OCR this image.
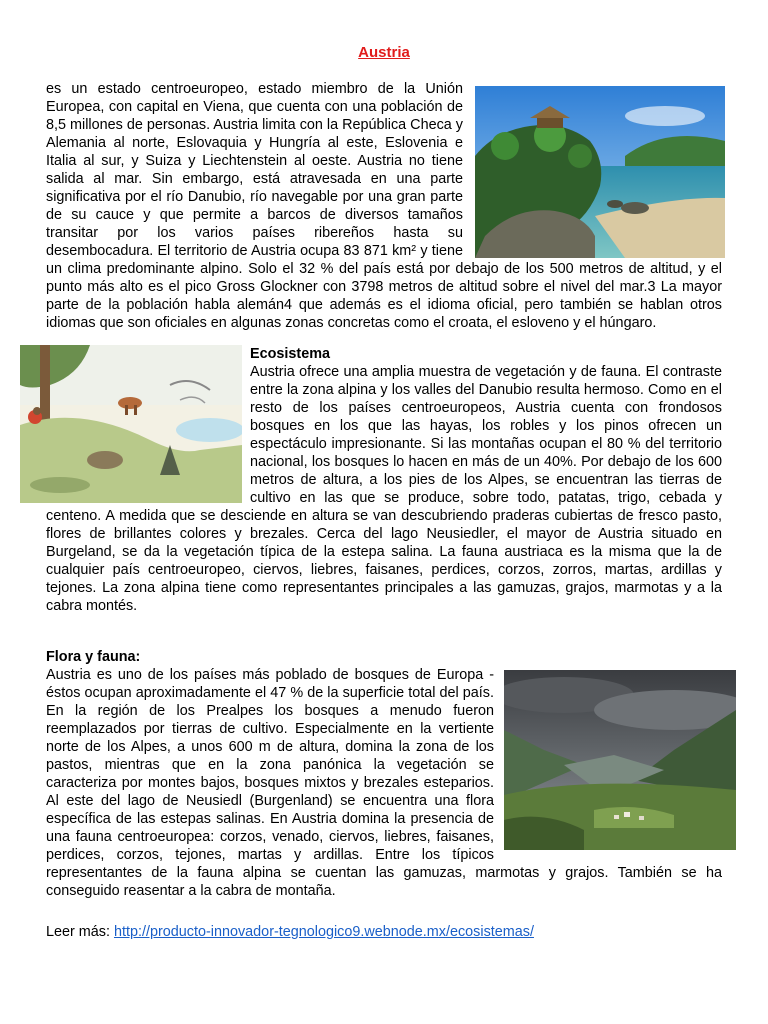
Austria
es un estado centroeuropeo, estado miembro de la Unión Europea, con capital en Viena, que cuenta con una población de 8,5 millones de personas. Austria limita con la República Checa y Alemania al norte, Eslovaquia y Hungría al este, Eslovenia e Italia al sur, y Suiza y Liechtenstein al oeste. Austria no tiene salida al mar. Sin embargo, está atravesada en una parte significativa por el río Danubio, río navegable por una gran parte de su cauce y que permite a barcos de diversos tamaños transitar por los varios países ribereños hasta su desembocadura. El territorio de Austria ocupa 83 871 km² y tiene un clima predominante alpino. Solo el 32 % del país está por debajo de los 500 metros de altitud, y el punto más alto es el pico Gross Glockner con 3798 metros de altitud sobre el nivel del mar.3 La mayor parte de la población habla alemán4 que además es el idioma oficial, pero también se hablan otros idiomas que son oficiales en algunas zonas concretas como el croata, el esloveno y el húngaro.
Ecosistema
Austria ofrece una amplia muestra de vegetación y de fauna. El contraste entre la zona alpina y los valles del Danubio resulta hermoso. Como en el resto de los países centroeuropeos, Austria cuenta con frondosos bosques en los que las hayas, los robles y los pinos ofrecen un espectáculo impresionante. Si las montañas ocupan el 80 % del territorio nacional, los bosques lo hacen en más de un 40%. Por debajo de los 600 metros de altura, a los pies de los Alpes, se encuentran las tierras de cultivo en las que se produce, sobre todo, patatas, trigo, cebada y centeno. A medida que se desciende en altura se van descubriendo praderas cubiertas de fresco pasto, flores de brillantes colores y brezales. Cerca del lago Neusiedler, el mayor de Austria situado en Burgeland, se da la vegetación típica de la estepa salina. La fauna austriaca es la misma que la de cualquier país centroeuropeo, ciervos, liebres, faisanes, perdices, corzos, zorros, martas, ardillas y tejones. La zona alpina tiene como representantes principales a las gamuzas, grajos, marmotas y a la cabra montés.
Flora y fauna:
Austria es uno de los países más poblado de bosques de Europa - éstos ocupan aproximadamente el 47 % de la superficie total del país. En la región de los Prealpes los bosques a menudo fueron reemplazados por tierras de cultivo. Especialmente en la vertiente norte de los Alpes, a unos 600 m de altura, domina la zona de los pastos, mientras que en la zona panónica la vegetación se caracteriza por montes bajos, bosques mixtos y brezales esteparios. Al este del lago de Neusiedl (Burgenland) se encuentra una flora específica de las estepas salinas. En Austria domina la presencia de una fauna centroeuropea: corzos, venado, ciervos, liebres, faisanes, perdices, corzos, tejones, martas y ardillas. Entre los típicos representantes de la fauna alpina se cuentan las gamuzas, marmotas y grajos. También se ha conseguido reasentar a la cabra de montaña.
Leer más: http://producto-innovador-tegnologico9.webnode.mx/ecosistemas/
